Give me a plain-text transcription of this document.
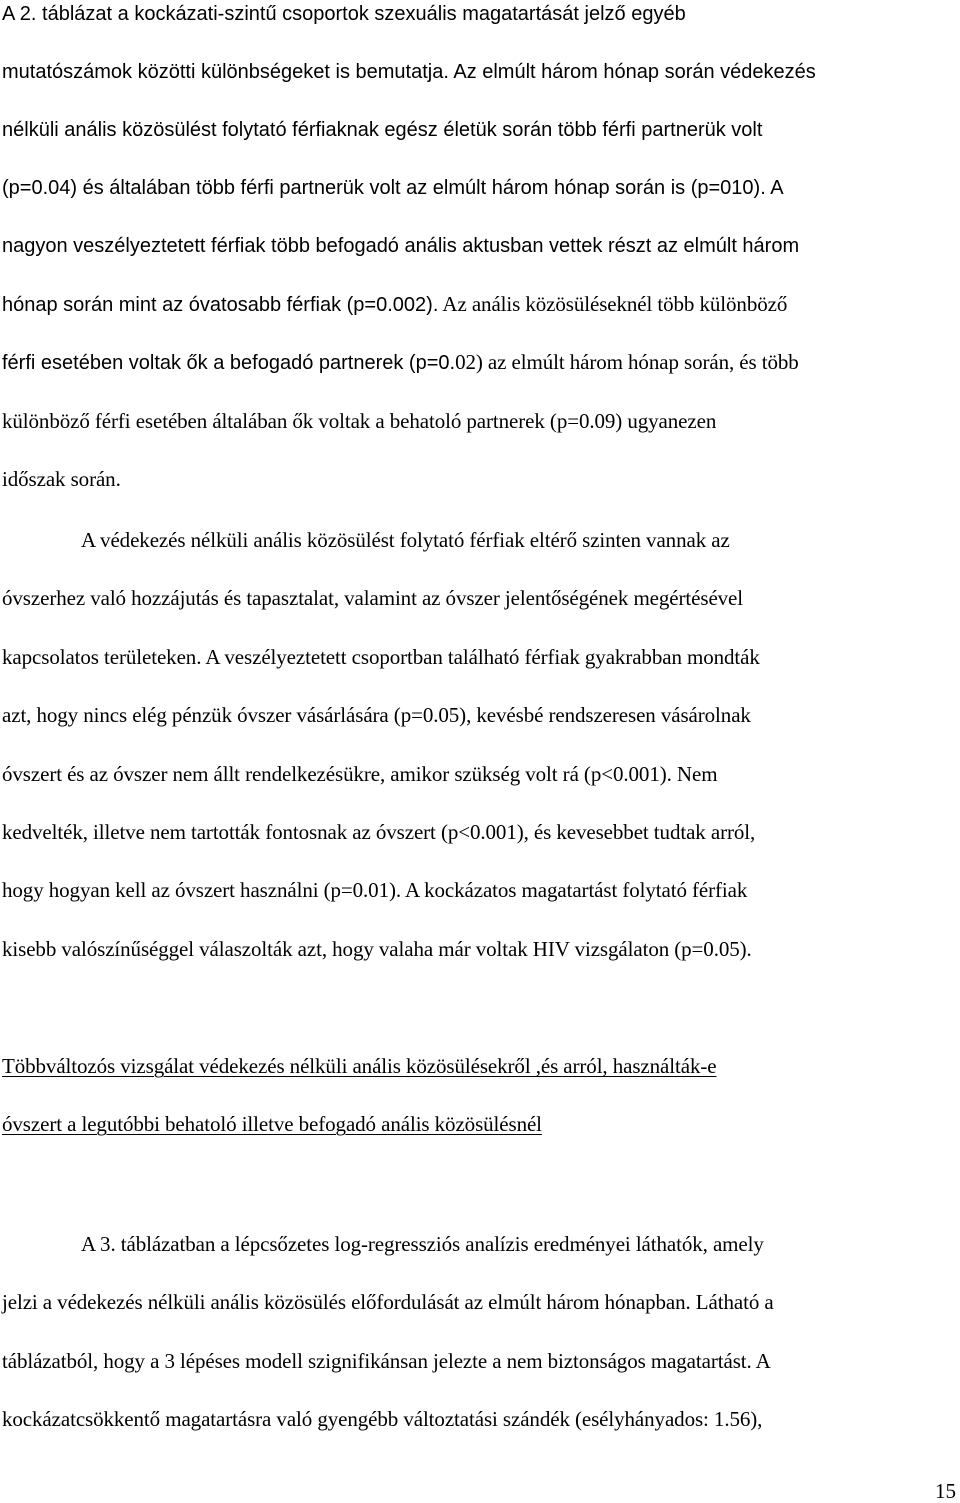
A 2. táblázat a kockázati-szintű csoportok szexuális magatartását jelző egyéb
mutatószámok közötti különbségeket is bemutatja. Az elmúlt három hónap során védekezés
nélküli anális közösülést folytató férfiaknak egész életük során több férfi partnerük volt
(p=0.04) és általában több férfi partnerük volt az elmúlt három hónap során is (p=010). A
nagyon veszélyeztetett férfiak több befogadó anális aktusban vettek részt az elmúlt három
hónap során mint az óvatosabb férfiak (p=0.002). Az anális közösüléseknél több különböző
férfi esetében voltak ők a befogadó partnerek (p=0.02) az elmúlt három hónap során, és több
különböző férfi esetében általában ők voltak a behatoló partnerek (p=0.09) ugyanezen
időszak során.
A védekezés nélküli anális közösülést folytató férfiak eltérő szinten vannak az
óvszerhez való hozzájutás és tapasztalat, valamint az óvszer jelentőségének megértésével
kapcsolatos területeken. A veszélyeztetett csoportban található férfiak gyakrabban mondták
azt, hogy nincs elég pénzük óvszer vásárlására (p=0.05), kevésbé rendszeresen vásárolnak
óvszert és az óvszer nem állt rendelkezésükre, amikor szükség volt rá (p<0.001). Nem
kedvelték, illetve nem tartották fontosnak az óvszert (p<0.001), és kevesebbet tudtak arról,
hogy hogyan kell az óvszert használni (p=0.01). A kockázatos magatartást folytató férfiak
kisebb valószínűséggel válaszolták azt, hogy valaha már voltak HIV vizsgálaton (p=0.05).
Többváltozós vizsgálat védekezés nélküli anális közösülésekről ,és arról, használták-e
óvszert a legutóbbi behatoló illetve befogadó anális közösülésnél
A 3. táblázatban a lépcsőzetes log-regressziós analízis eredményei láthatók, amely
jelzi a védekezés nélküli anális közösülés előfordulását az elmúlt három hónapban. Látható a
táblázatból, hogy a 3 lépéses modell szignifikánsan jelezte a nem biztonságos magatartást. A
kockázatcsökkentő magatartásra való gyengébb változtatási szándék (esélyhányados: 1.56),
15
